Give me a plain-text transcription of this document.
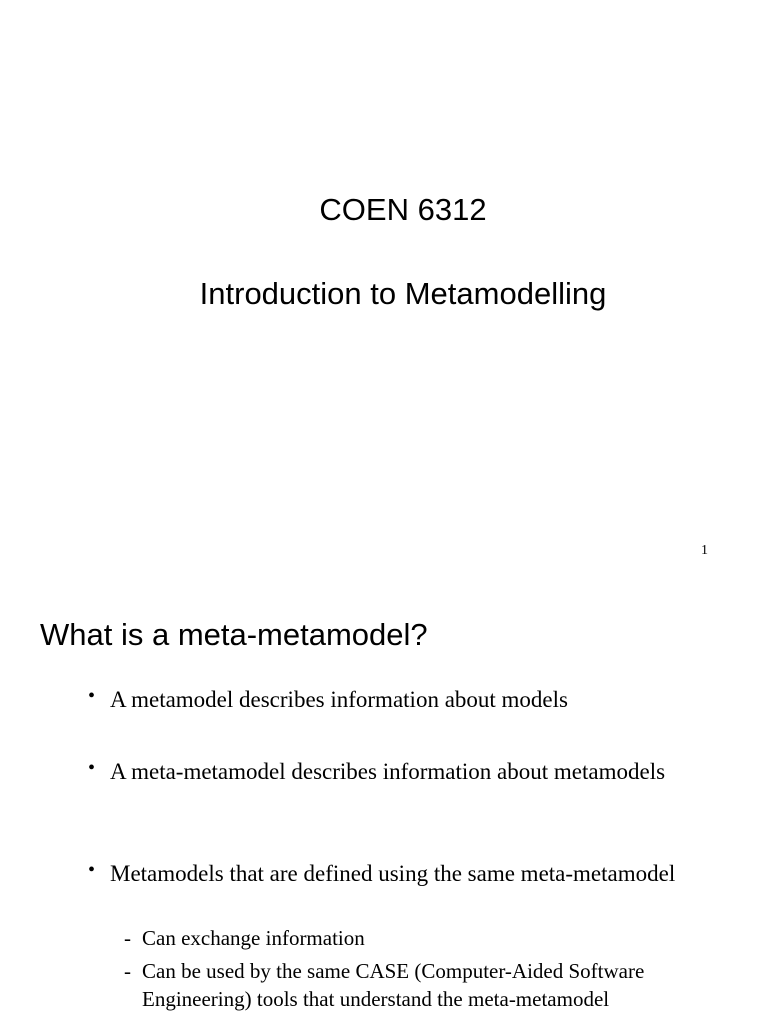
COEN 6312
Introduction to Metamodelling
1
What is a meta-metamodel?
• A metamodel describes information about models
• A meta-metamodel describes information about metamodels
• Metamodels that are defined using the same meta-metamodel
- Can exchange information
- Can be used by the same CASE (Computer-Aided Software Engineering) tools that understand the meta-metamodel
